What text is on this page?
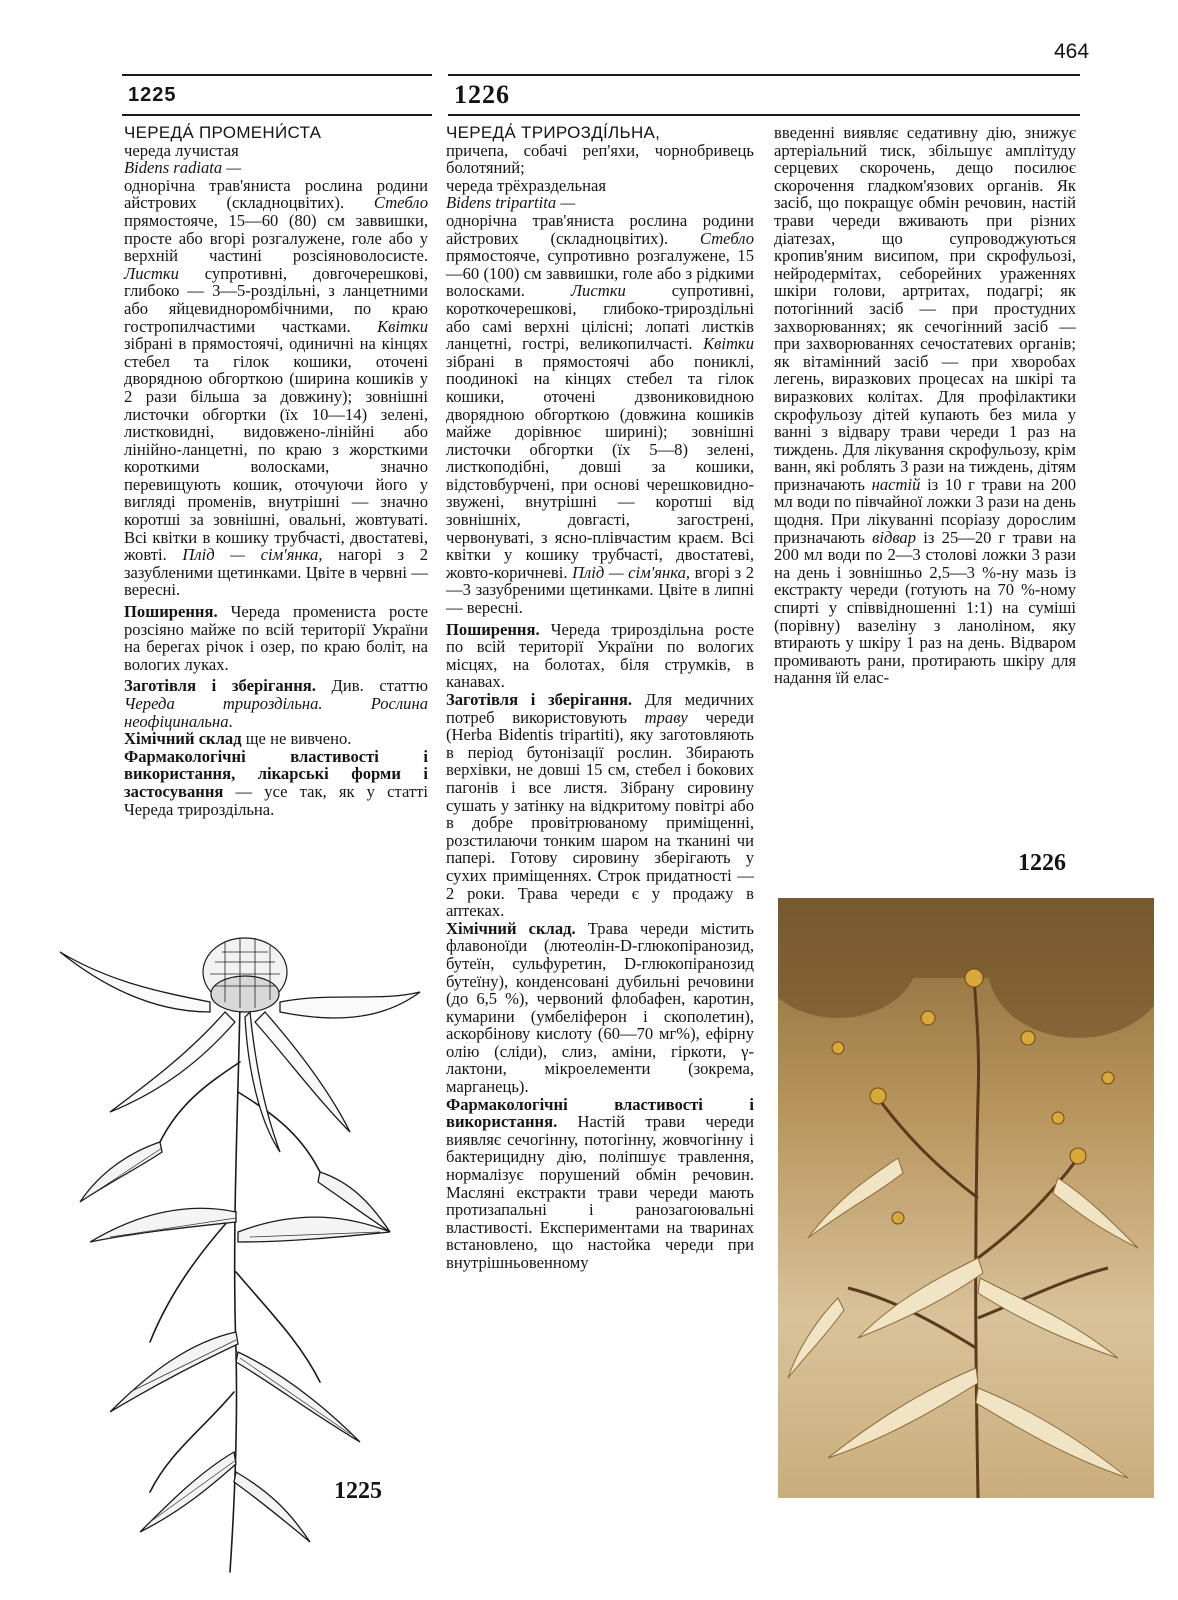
464
1225	1226

ЧЕРЕДА́ ПРОМЕНИ́СТА

череда лучистая

Bidens radiata —

однорічна трав'яниста рослина родини айстрових (складноцвітих). Стебло прямостояче, 15—60 (80) см заввишки, просте або вгорі розгалужене, голе або у верхній частині розсіяноволосисте. Листки супротивні, довгочерешкові, глибоко — 3—5-роздільні, з ланцетними або яйцевидноромбічними, по краю гостропилчастими частками. Квітки зібрані в прямостоячі, одиничні на кінцях стебел та гілок кошики, оточені дворядною обгорткою (ширина кошиків у 2 рази більша за довжину); зовнішні листочки обгортки (їх 10—14) зелені, листковидні, видовжено-лінійні або лінійно-ланцетні, по краю з жорсткими короткими волосками, значно перевищують кошик, оточуючи його у вигляді променів, внутрішні — значно коротші за зовнішні, овальні, жовтуваті. Всі квітки в кошику трубчасті, двостатеві, жовті. Плід — сім'янка, нагорі з 2 зазубленими щетинками. Цвіте в червні — вересні.

Поширення. Череда промениста росте розсіяно майже по всій території України на берегах річок і озер, по краю боліт, на вологих луках.

Заготівля і зберігання. Див. статтю Череда трироздільна. Рослина неофіцинальна.

Хімічний склад ще не вивчено.

Фармакологічні властивості і використання, лікарські форми і застосування — усе так, як у статті Череда трироздільна.

ЧЕРЕДА́ ТРИРОЗДІ́ЛЬНА,

причепа, собачі реп'яхи, чорнобривець болотяний;

череда трёхраздельная

Bidens tripartita —

однорічна трав'яниста рослина родини айстрових (складноцвітих). Стебло прямостояче, супротивно розгалужене, 15—60 (100) см заввишки, голе або з рідкими волосками. Листки супротивні, короткочерешкові, глибоко-трироздільні або самі верхні цілісні; лопаті листків ланцетні, гострі, великопилчасті. Квітки зібрані в прямостоячі або пониклі, поодинокі на кінцях стебел та гілок кошики, оточені дзвониковидною дворядною обгорткою (довжина кошиків майже дорівнює ширині); зовнішні листочки обгортки (їх 5—8) зелені, листкоподібні, довші за кошики, відстовбурчені, при основі черешковидно-звужені, внутрішні — коротші від зовнішніх, довгасті, загострені, червонуваті, з ясно-плівчастим краєм. Всі квітки у кошику трубчасті, двостатеві, жовто-коричневі. Плід — сім'янка, вгорі з 2—3 зазубреними щетинками. Цвіте в липні — вересні.

Поширення. Череда трироздільна росте по всій території України по вологих місцях, на болотах, біля струмків, в канавах.

Заготівля і зберігання. Для медичних потреб використовують траву череди (Herba Bidentis tripartiti), яку заготовляють в період бутонізації рослин. Збирають верхівки, не довші 15 см, стебел і бокових пагонів і все листя. Зібрану сировину сушать у затінку на відкритому повітрі або в добре провітрюваному приміщенні, розстилаючи тонким шаром на тканині чи папері. Готову сировину зберігають у сухих приміщеннях. Строк придатності — 2 роки. Трава череди є у продажу в аптеках.

Хімічний склад. Трава череди містить флавоноїди (лютеолін-D-глюкопіранозид, бутеїн, сульфуретин, D-глюкопіранозид бутеїну), конденсовані дубильні речовини (до 6,5 %), червоний флобафен, каротин, кумарини (умбеліферон і скополетин), аскорбінову кислоту (60—70 мг%), ефірну олію (сліди), слиз, аміни, гіркоти, γ-лактони, мікроелементи (зокрема, марганець).

Фармакологічні властивості і використання. Настій трави череди виявляє сечогінну, потогінну, жовчогінну і бактерицидну дію, поліпшує травлення, нормалізує порушений обмін речовин. Масляні екстракти трави череди мають протизапальні і ранозагоювальні властивості. Експериментами на тваринах встановлено, що настойка череди при внутрішньовенному

введенні виявляє седативну дію, знижує артеріальний тиск, збільшує амплітуду серцевих скорочень, дещо посилює скорочення гладком'язових органів. Як засіб, що покращує обмін речовин, настій трави череди вживають при різних діатезах, що супроводжуються кропив'яним висипом, при скрофульозі, нейродермітах, себорейних ураженнях шкіри голови, артритах, подагрі; як потогінний засіб — при простудних захворюваннях; як сечогінний засіб — при захворюваннях сечостатевих органів; як вітамінний засіб — при хворобах легень, виразкових процесах на шкірі та виразкових колітах. Для профілактики скрофульозу дітей купають без мила у ванні з відвару трави череди 1 раз на тиждень. Для лікування скрофульозу, крім ванн, які роблять 3 рази на тиждень, дітям призначають настій із 10 г трави на 200 мл води по півчайної ложки 3 рази на день щодня. При лікуванні псоріазу дорослим призначають відвар із 25—20 г трави на 200 мл води по 2—3 столові ложки 3 рази на день і зовнішньо 2,5—3 %-ну мазь із екстракту череди (готують на 70 %-ному спирті у співвідношенні 1:1) на суміші (порівну) вазеліну з ланоліном, яку втирають у шкіру 1 раз на день. Відваром промивають рани, протирають шкіру для надання їй елас-

1225
1226
